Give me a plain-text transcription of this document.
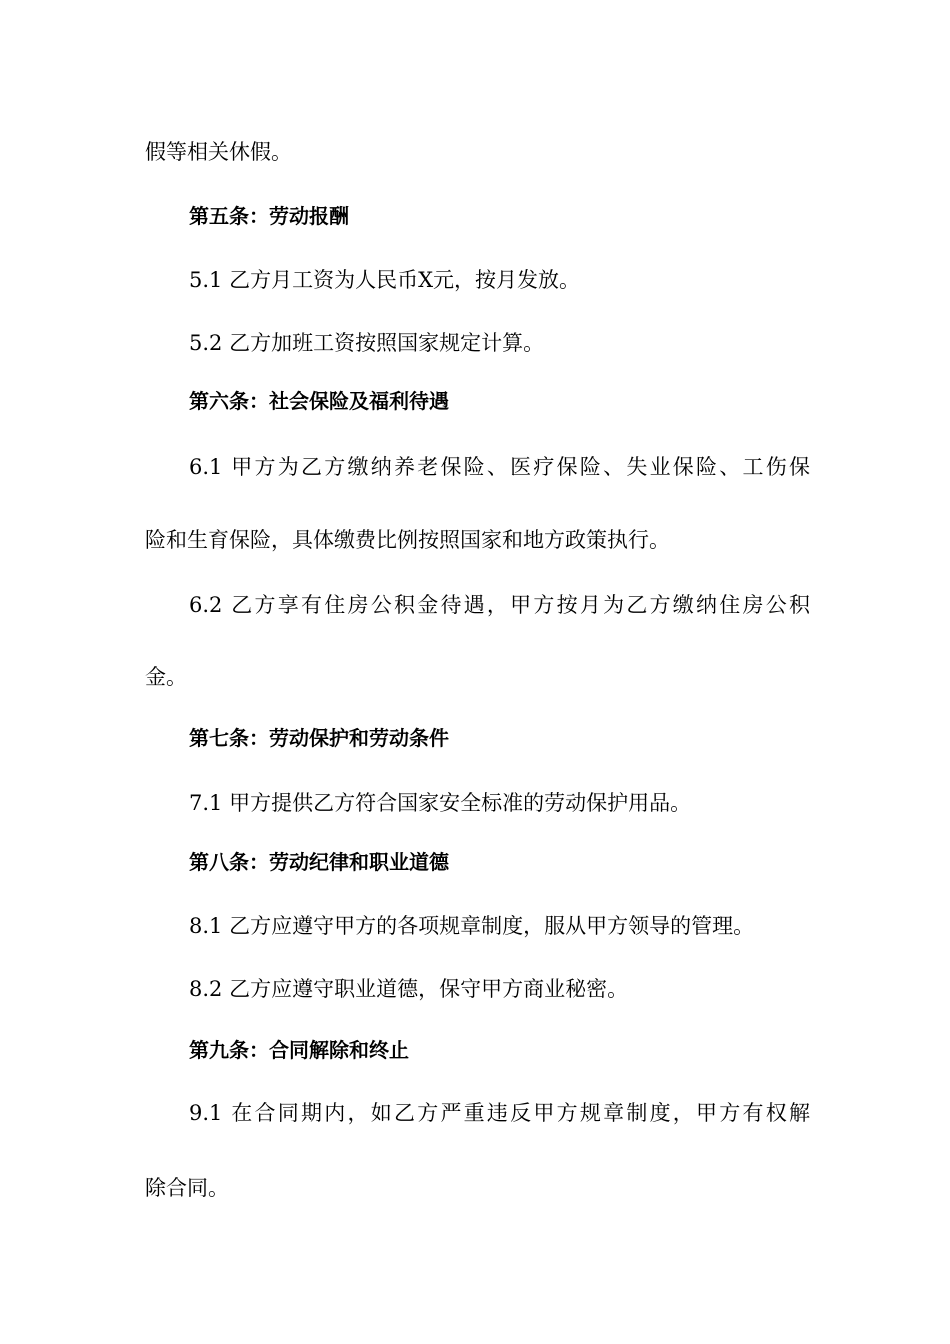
假等相关休假。
第五条：劳动报酬
5.1 乙方月工资为人民币X元，按月发放。
5.2 乙方加班工资按照国家规定计算。
第六条：社会保险及福利待遇
6.1 甲方为乙方缴纳养老保险、医疗保险、失业保险、工伤保
险和生育保险，具体缴费比例按照国家和地方政策执行。
6.2 乙方享有住房公积金待遇，甲方按月为乙方缴纳住房公积
金。
第七条：劳动保护和劳动条件
7.1 甲方提供乙方符合国家安全标准的劳动保护用品。
第八条：劳动纪律和职业道德
8.1 乙方应遵守甲方的各项规章制度，服从甲方领导的管理。
8.2 乙方应遵守职业道德，保守甲方商业秘密。
第九条：合同解除和终止
9.1 在合同期内，如乙方严重违反甲方规章制度，甲方有权解
除合同。
